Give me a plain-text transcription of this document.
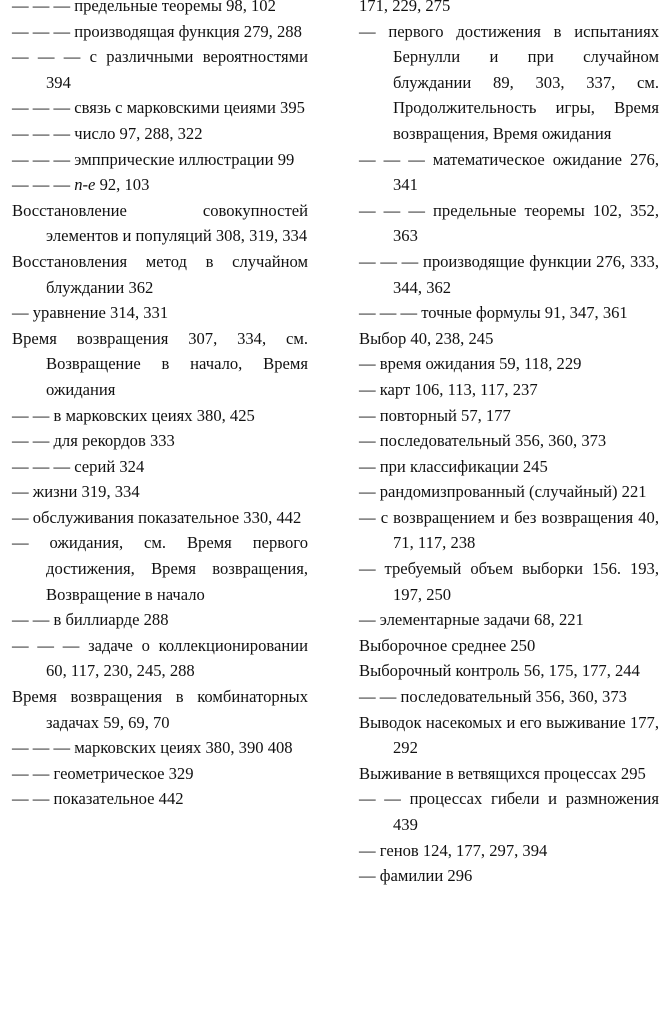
— — — предельные теоремы 98, 102

— — — производящая функция 279, 288

— — — с различными вероятностями 394

— — — связь с марковскими цеиями 395

— — — число 97, 288, 322

— — — эмппрические иллюстрации 99

— — — n-е 92, 103

Восстановление совокупностей элементов и популяций 308, 319, 334

Восстановления метод в случайном блуждании 362

— уравнение 314, 331

Время возвращения 307, 334, см. Возвращение в начало, Время ожидания

— — в марковских цеиях 380, 425

— — для рекордов 333

— — — серий 324

— жизни 319, 334

— обслуживания показательное 330, 442

— ожидания, см. Время первого достижения, Время возвращения, Возвращение в начало

— — в биллиарде 288

— — — задаче о коллекционировании 60, 117, 230, 245, 288

Время возвращения в комбинаторных задачах 59, 69, 70

— — — марковских цеиях 380, 390 408

— — геометрическое 329

— — показательное 442

171, 229, 275

— первого достижения в испытаниях Бернулли и при случайном блуждании 89, 303, 337, см. Продолжительность игры, Время возвращения, Время ожидания

— — — математическое ожидание 276, 341

— — — предельные теоремы 102, 352, 363

— — — производящие функции 276, 333, 344, 362

— — — точные формулы 91, 347, 361

Выбор 40, 238, 245

— время ожидания 59, 118, 229

— карт 106, 113, 117, 237

— повторный 57, 177

— последовательный 356, 360, 373

— при классификации 245

— рандомизпрованный (случайный) 221

— с возвращением и без возвращения 40, 71, 117, 238

— требуемый объем выборки 156. 193, 197, 250

— элементарные задачи 68, 221

Выборочное среднее 250

Выборочный контроль 56, 175, 177, 244

— — последовательный 356, 360, 373

Выводок насекомых и его выживание 177, 292

Выживание в ветвящихся процессах 295

— — процессах гибели и размножения 439

— генов 124, 177, 297, 394

— фамилии 296
